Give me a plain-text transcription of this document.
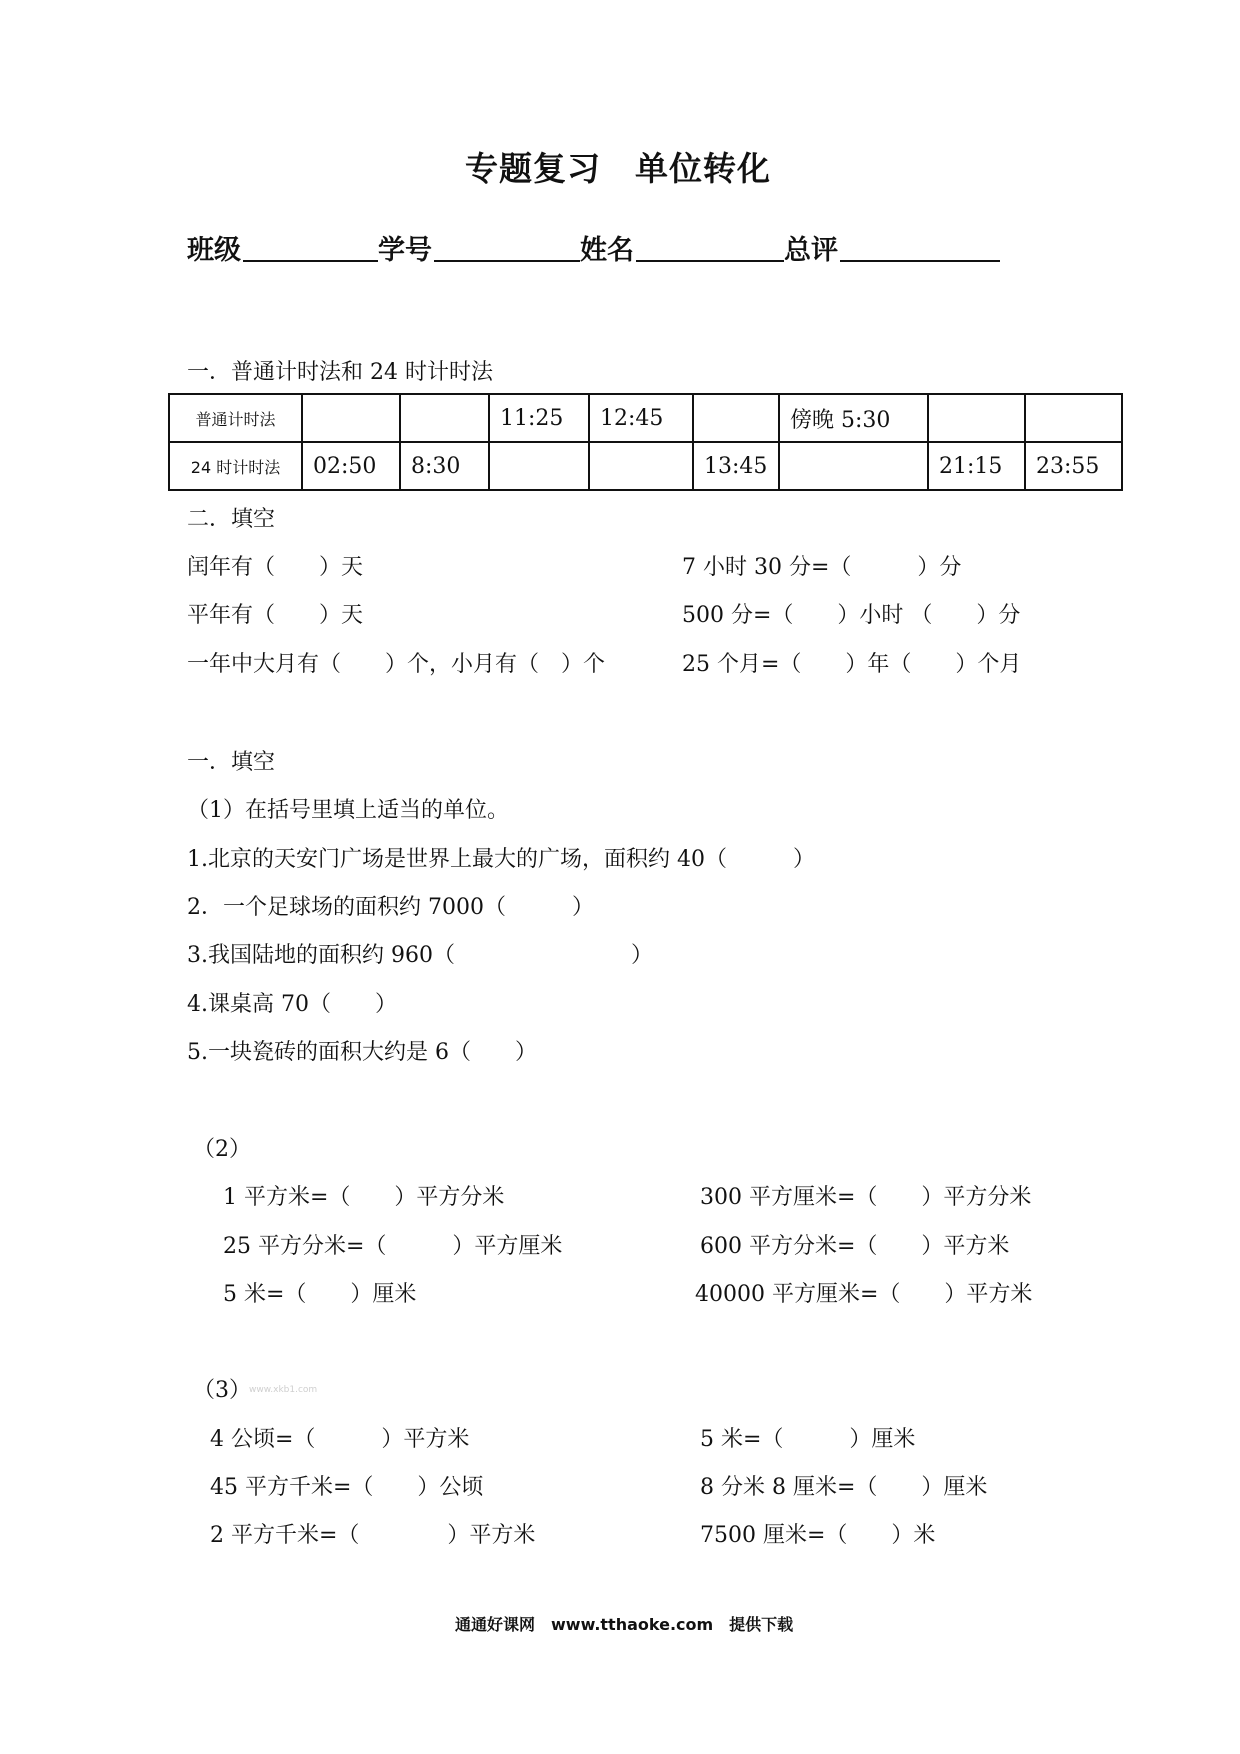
专题复习　单位转化
班级	学号	姓名	总评
一．普通计时法和 24 时计时法
普通计时法			11:25	12:45		傍晚 5:30		
24 时计时法	02:50	8:30			13:45		21:15	23:55
二．填空
闰年有（　　）天
平年有（　　）天
一年中大月有（　　）个，小月有（　）个
7 小时 30 分=（　　　）分
500 分=（　　）小时 （　　）分
25 个月=（　　）年（　　）个月
一．填空
（1）在括号里填上适当的单位。
1.北京的天安门广场是世界上最大的广场，面积约 40（　　　）
2．一个足球场的面积约 7000（　　　）
3.我国陆地的面积约 960（　　　　　　　　）
4.课桌高 70（　　）
5.一块瓷砖的面积大约是 6（　　）
（2）
1 平方米=（　　）平方分米
25 平方分米=（　　　）平方厘米
5 米=（　　）厘米
300 平方厘米=（　　）平方分米
600 平方分米=（　　）平方米
40000 平方厘米=（　　）平方米
（3）
www.xkb1.com
4 公顷=（　　　）平方米
45 平方千米=（　　）公顷
2 平方千米=（　　　　）平方米
5 米=（　　　）厘米
8 分米 8 厘米=（　　）厘米
7500 厘米=（　　）米
通通好课网　www.tthaoke.com　提供下载
